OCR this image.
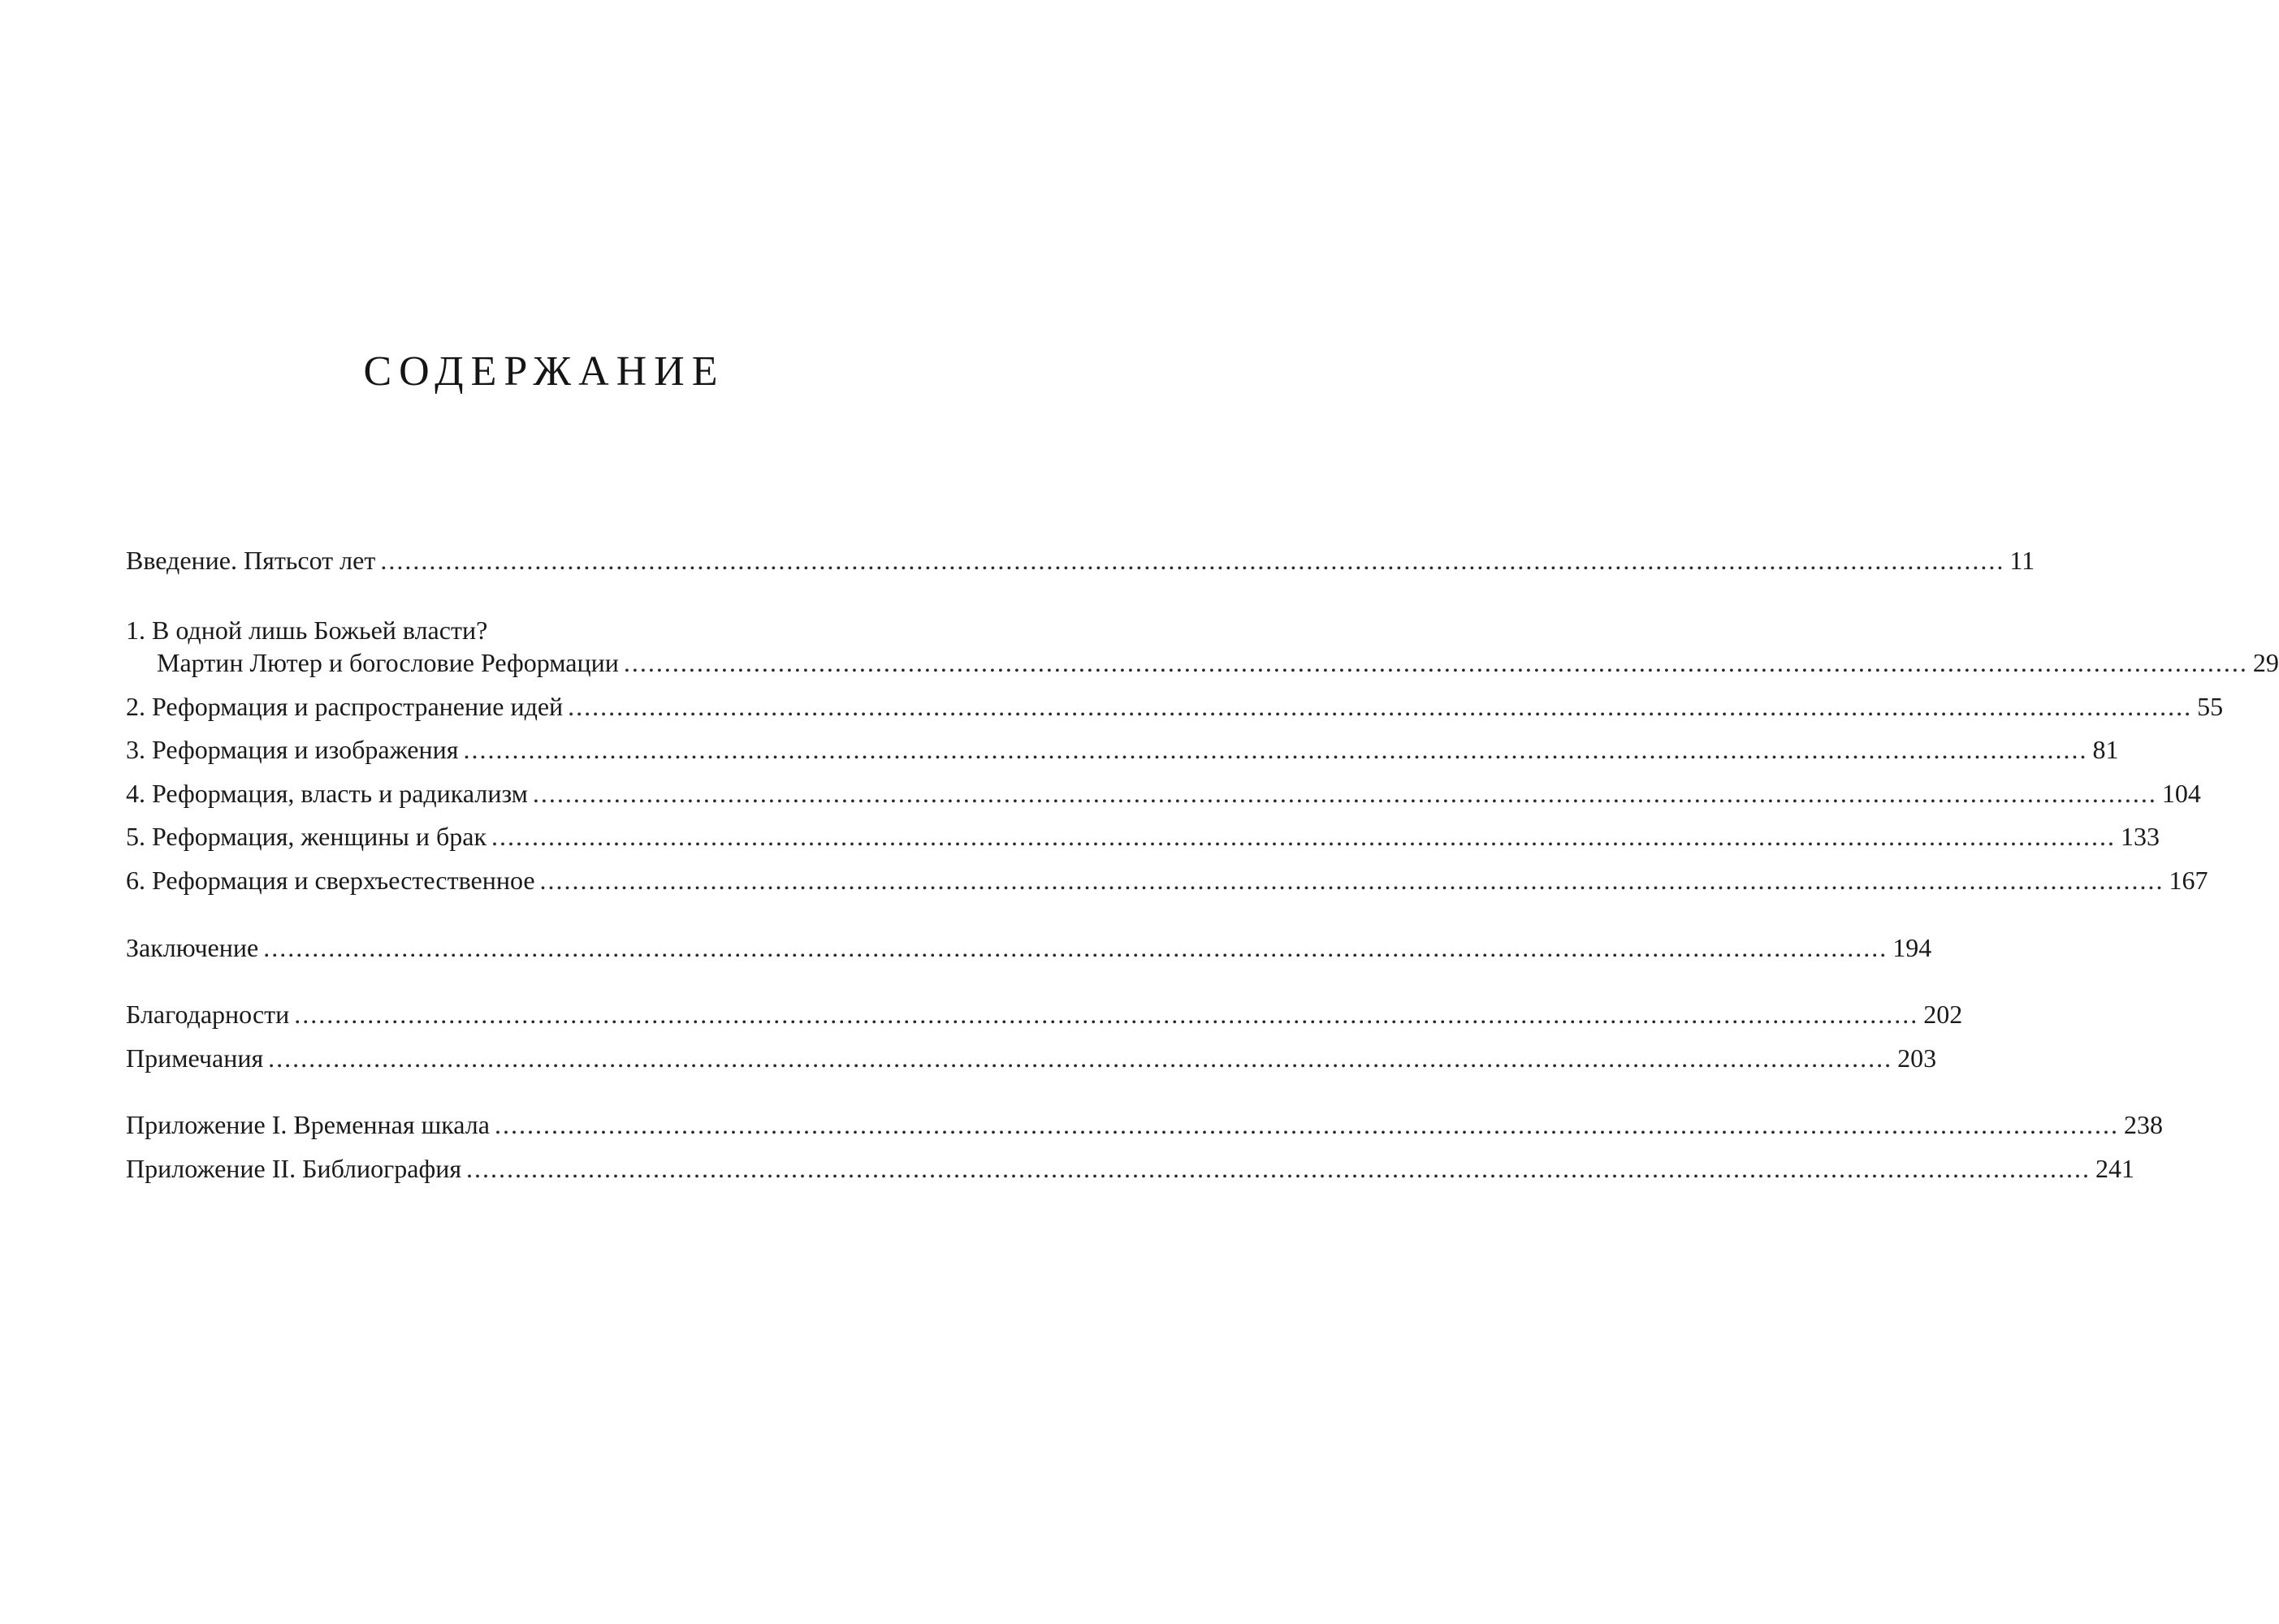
СОДЕРЖАНИЕ
Введение. Пятьсот лет ........................................................................................................................................................................................................ 11
1. В одной лишь Божьей власти?
Мартин Лютер и богословие Реформации ........................................................................................................................................................................................................ 29
2. Реформация и распространение идей ........................................................................................................................................................................................................ 55
3. Реформация и изображения ........................................................................................................................................................................................................ 81
4. Реформация, власть и радикализм ........................................................................................................................................................................................................ 104
5. Реформация, женщины и брак ........................................................................................................................................................................................................ 133
6. Реформация и сверхъестественное ........................................................................................................................................................................................................ 167
Заключение ........................................................................................................................................................................................................ 194
Благодарности ........................................................................................................................................................................................................ 202
Примечания ........................................................................................................................................................................................................ 203
Приложение I. Временная шкала ........................................................................................................................................................................................................ 238
Приложение II. Библиография ........................................................................................................................................................................................................ 241
